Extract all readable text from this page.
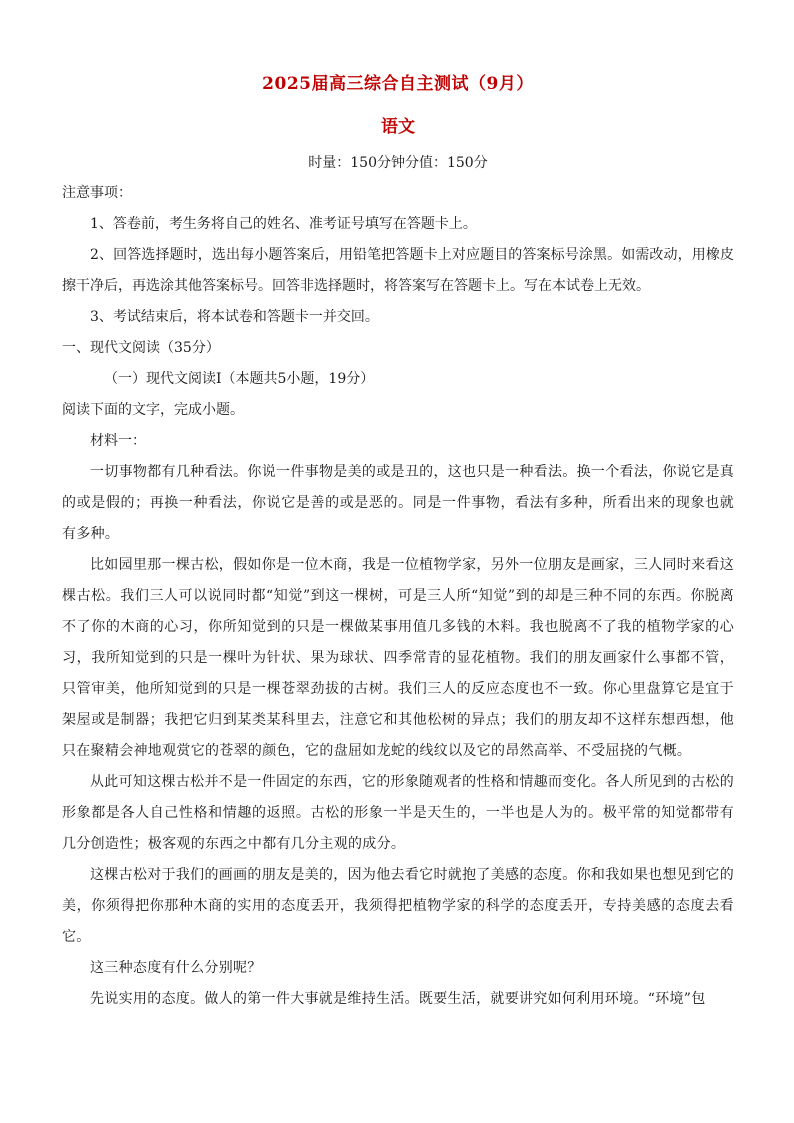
2025届高三综合自主测试（9月）
语文
时量：150分钟分值：150分

注意事项：

1、答卷前，考生务将自己的姓名、准考证号填写在答题卡上。

2、回答选择题时，选出每小题答案后，用铅笔把答题卡上对应题目的答案标号涂黑。如需改动，用橡皮擦干净后，再选涂其他答案标号。回答非选择题时，将答案写在答题卡上。写在本试卷上无效。

3、考试结束后，将本试卷和答题卡一并交回。

一、现代文阅读（35分）

（一）现代文阅读Ⅰ（本题共5小题，19分）

阅读下面的文字，完成小题。

材料一：

一切事物都有几种看法。你说一件事物是美的或是丑的，这也只是一种看法。换一个看法，你说它是真的或是假的；再换一种看法，你说它是善的或是恶的。同是一件事物，看法有多种，所看出来的现象也就有多种。

比如园里那一棵古松，假如你是一位木商，我是一位植物学家，另外一位朋友是画家，三人同时来看这棵古松。我们三人可以说同时都“知觉”到这一棵树，可是三人所“知觉”到的却是三种不同的东西。你脱离不了你的木商的心习，你所知觉到的只是一棵做某事用值几多钱的木料。我也脱离不了我的植物学家的心习，我所知觉到的只是一棵叶为针状、果为球状、四季常青的显花植物。我们的朋友画家什么事都不管，只管审美，他所知觉到的只是一棵苍翠劲拔的古树。我们三人的反应态度也不一致。你心里盘算它是宜于架屋或是制器；我把它归到某类某科里去，注意它和其他松树的异点；我们的朋友却不这样东想西想，他只在聚精会神地观赏它的苍翠的颜色，它的盘屈如龙蛇的线纹以及它的昂然高举、不受屈挠的气概。

从此可知这棵古松并不是一件固定的东西，它的形象随观者的性格和情趣而变化。各人所见到的古松的形象都是各人自己性格和情趣的返照。古松的形象一半是天生的，一半也是人为的。极平常的知觉都带有几分创造性；极客观的东西之中都有几分主观的成分。

这棵古松对于我们的画画的朋友是美的，因为他去看它时就抱了美感的态度。你和我如果也想见到它的美，你须得把你那种木商的实用的态度丢开，我须得把植物学家的科学的态度丢开，专持美感的态度去看它。

这三种态度有什么分别呢？

先说实用的态度。做人的第一件大事就是维持生活。既要生活，就要讲究如何利用环境。“环境”包
